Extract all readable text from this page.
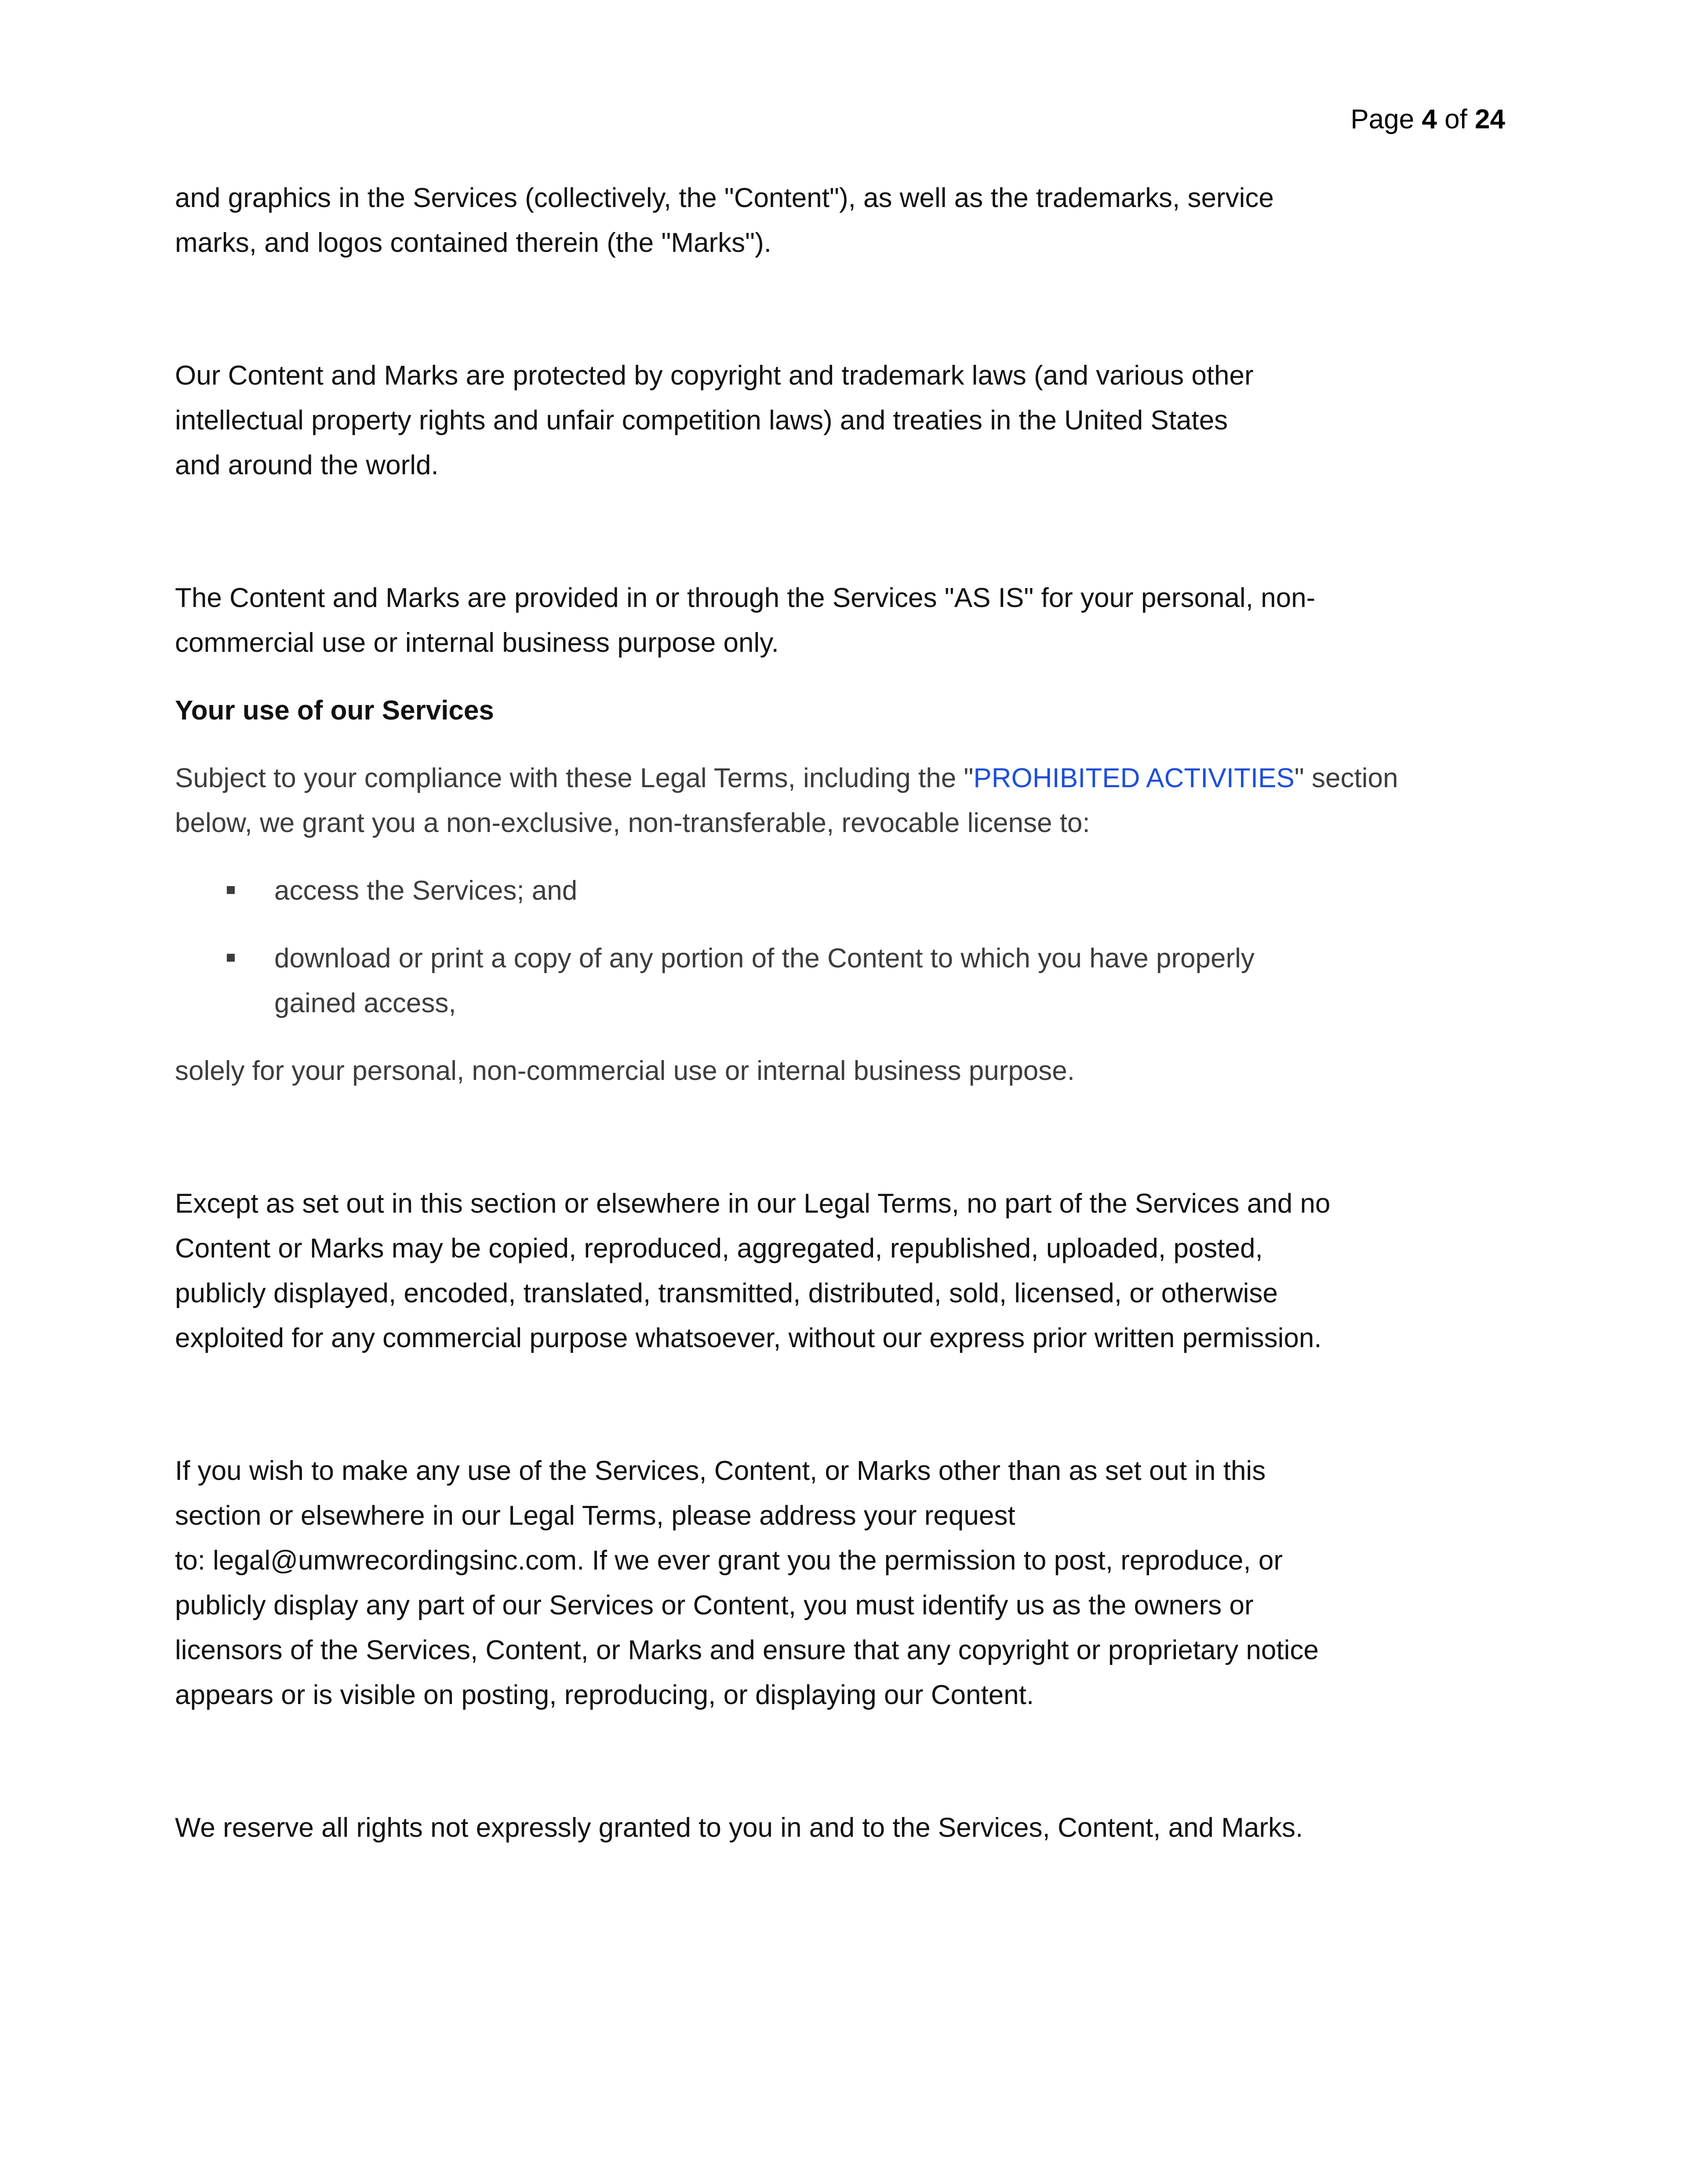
Page 4 of 24

and graphics in the Services (collectively, the "Content"), as well as the trademarks, service
marks, and logos contained therein (the "Marks").

Our Content and Marks are protected by copyright and trademark laws (and various other
intellectual property rights and unfair competition laws) and treaties in the United States
and around the world.

The Content and Marks are provided in or through the Services "AS IS" for your personal, non-
commercial use or internal business purpose only.

Your use of our Services

Subject to your compliance with these Legal Terms, including the "PROHIBITED ACTIVITIES" section
below, we grant you a non-exclusive, non-transferable, revocable license to:

access the Services; and
download or print a copy of any portion of the Content to which you have properly
gained access,

solely for your personal, non-commercial use or internal business purpose.

Except as set out in this section or elsewhere in our Legal Terms, no part of the Services and no
Content or Marks may be copied, reproduced, aggregated, republished, uploaded, posted,
publicly displayed, encoded, translated, transmitted, distributed, sold, licensed, or otherwise
exploited for any commercial purpose whatsoever, without our express prior written permission.

If you wish to make any use of the Services, Content, or Marks other than as set out in this
section or elsewhere in our Legal Terms, please address your request
to: legal@umwrecordingsinc.com. If we ever grant you the permission to post, reproduce, or
publicly display any part of our Services or Content, you must identify us as the owners or
licensors of the Services, Content, or Marks and ensure that any copyright or proprietary notice
appears or is visible on posting, reproducing, or displaying our Content.

We reserve all rights not expressly granted to you in and to the Services, Content, and Marks.
